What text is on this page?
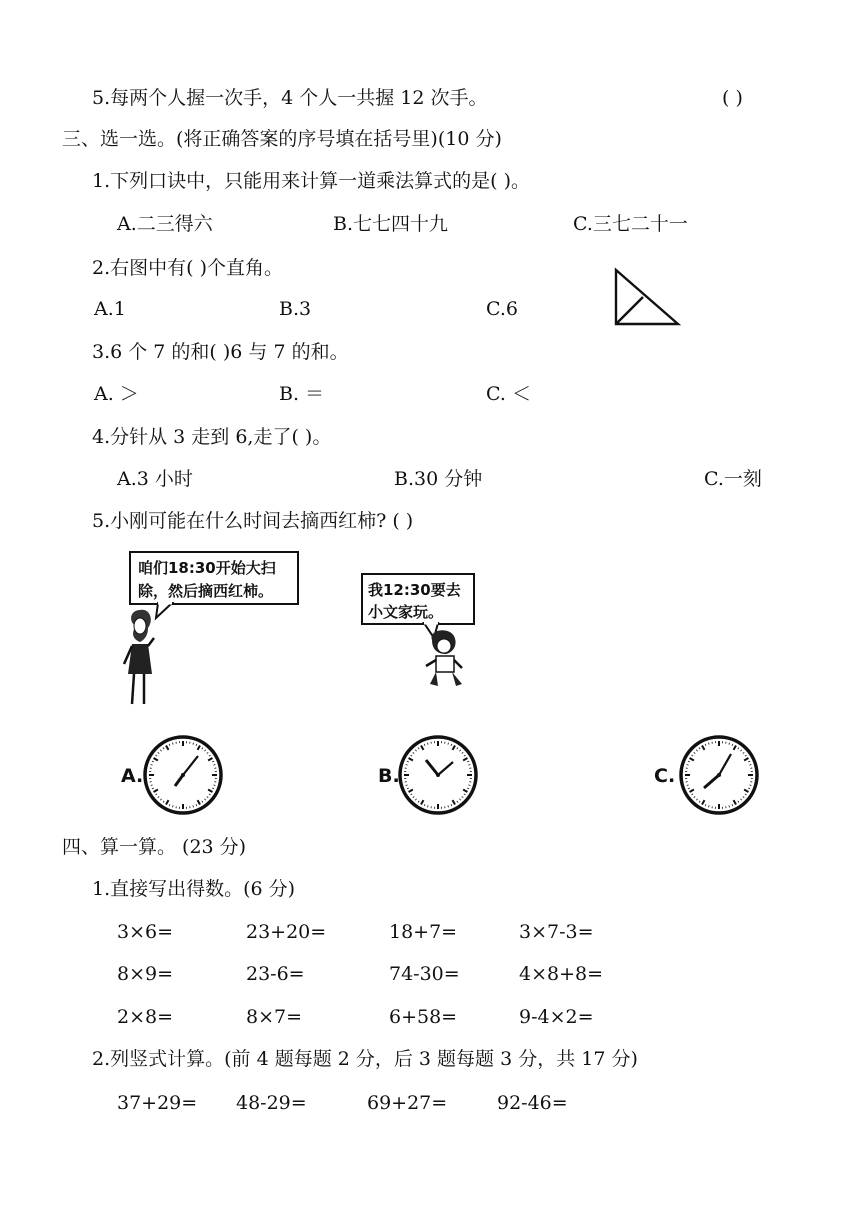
5.每两个人握一次手，4 个人一共握 12 次手。	( )
三、选一选。(将正确答案的序号填在括号里)(10 分)
1.下列口诀中，只能用来计算一道乘法算式的是( )。
A.二三得六	B.七七四十九	C.三七二十一
2.右图中有( )个直角。
A.1	B.3	C.6
3.6 个 7 的和( )6 与 7 的和。
A. ＞	B. ＝	C. ＜
4.分针从 3 走到 6,走了( )。
A.3 小时	B.30 分钟	C.一刻
5.小刚可能在什么时间去摘西红柿? ( )
咱们18:30开始大扫
除，然后摘西红柿。	我12:30要去
小文家玩。
A.	B.	C.
四、算一算。 (23 分)
1.直接写出得数。(6 分)
3×6=	23+20=	18+7=	3×7-3=
8×9=	23-6=	74-30=	4×8+8=
2×8=	8×7=	6+58=	9-4×2=
2.列竖式计算。(前 4 题每题 2 分，后 3 题每题 3 分，共 17 分)
37+29= 48-29=	69+27=	92-46=
